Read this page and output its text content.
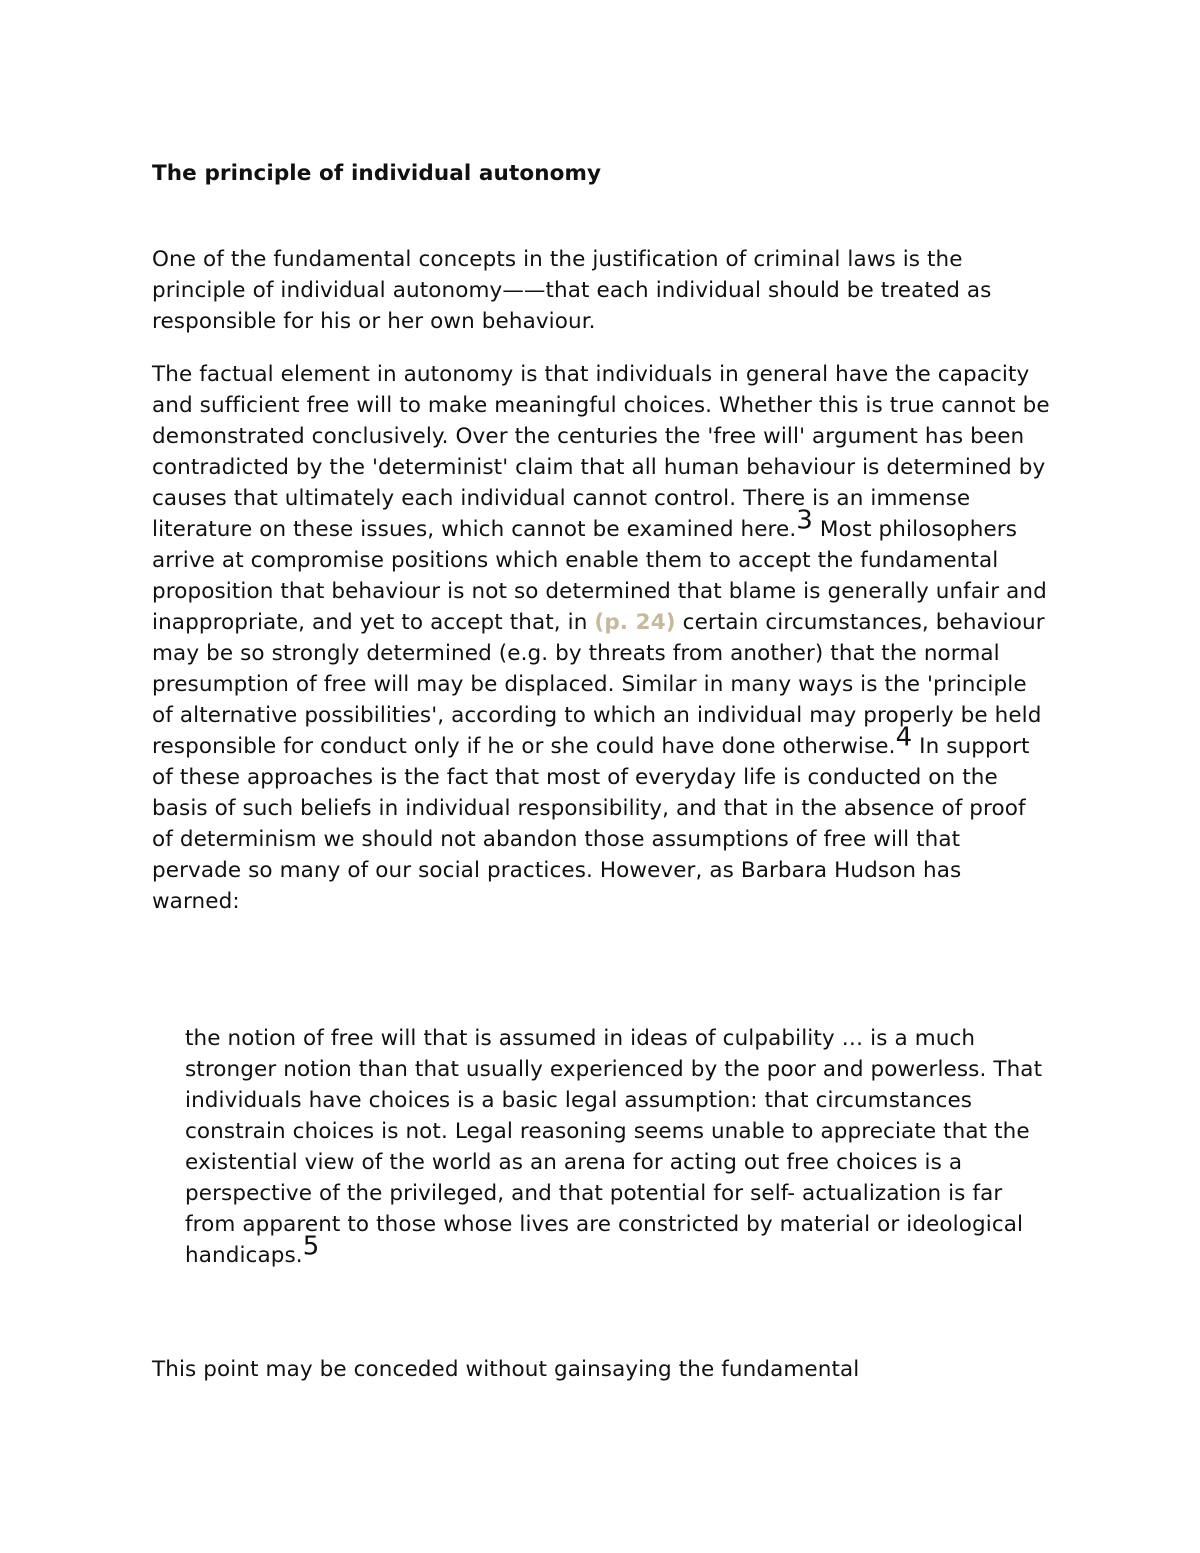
The principle of individual autonomy

One of the fundamental concepts in the justification of criminal laws is the principle of individual autonomy——that each individual should be treated as responsible for his or her own behaviour.

The factual element in autonomy is that individuals in general have the capacity and sufficient free will to make meaningful choices. Whether this is true cannot be demonstrated conclusively. Over the centuries the 'free will' argument has been contradicted by the 'determinist' claim that all human behaviour is determined by causes that ultimately each individual cannot control. There is an immense literature on these issues, which cannot be examined here.3 Most philosophers arrive at compromise positions which enable them to accept the fundamental proposition that behaviour is not so determined that blame is generally unfair and inappropriate, and yet to accept that, in (p. 24) certain circumstances, behaviour may be so strongly determined (e.g. by threats from another) that the normal presumption of free will may be displaced. Similar in many ways is the 'principle of alternative possibilities', according to which an individual may properly be held responsible for conduct only if he or she could have done otherwise.4 In support of these approaches is the fact that most of everyday life is conducted on the basis of such beliefs in individual responsibility, and that in the absence of proof of determinism we should not abandon those assumptions of free will that pervade so many of our social practices. However, as Barbara Hudson has warned:

the notion of free will that is assumed in ideas of culpability … is a much stronger notion than that usually experienced by the poor and powerless. That individuals have choices is a basic legal assumption: that circumstances constrain choices is not. Legal reasoning seems unable to appreciate that the existential view of the world as an arena for acting out free choices is a perspective of the privileged, and that potential for self- actualization is far from apparent to those whose lives are constricted by material or ideological handicaps.5

This point may be conceded without gainsaying the fundamental
